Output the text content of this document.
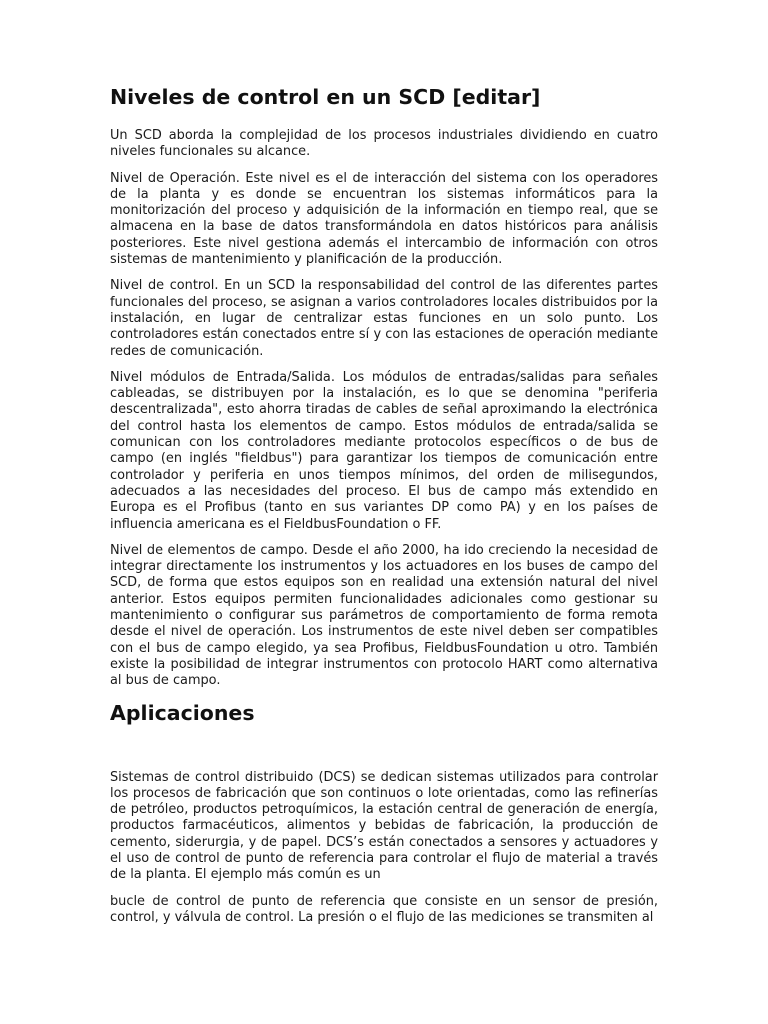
Niveles de control en un SCD [editar]

Un SCD aborda la complejidad de los procesos industriales dividiendo en cuatro niveles funcionales su alcance.

Nivel de Operación. Este nivel es el de interacción del sistema con los operadores de la planta y es donde se encuentran los sistemas informáticos para la monitorización del proceso y adquisición de la información en tiempo real, que se almacena en la base de datos transformándola en datos históricos para análisis posteriores. Este nivel gestiona además el intercambio de información con otros sistemas de mantenimiento y planificación de la producción.

Nivel de control. En un SCD la responsabilidad del control de las diferentes partes funcionales del proceso, se asignan a varios controladores locales distribuidos por la instalación, en lugar de centralizar estas funciones en un solo punto. Los controladores están conectados entre sí y con las estaciones de operación mediante redes de comunicación.

Nivel módulos de Entrada/Salida. Los módulos de entradas/salidas para señales cableadas, se distribuyen por la instalación, es lo que se denomina "periferia descentralizada", esto ahorra tiradas de cables de señal aproximando la electrónica del control hasta los elementos de campo. Estos módulos de entrada/salida se comunican con los controladores mediante protocolos específicos o de bus de campo (en inglés "fieldbus") para garantizar los tiempos de comunicación entre controlador y periferia en unos tiempos mínimos, del orden de milisegundos, adecuados a las necesidades del proceso. El bus de campo más extendido en Europa es el Profibus (tanto en sus variantes DP como PA) y en los países de influencia americana es el FieldbusFoundation o FF.

Nivel de elementos de campo. Desde el año 2000, ha ido creciendo la necesidad de integrar directamente los instrumentos y los actuadores en los buses de campo del SCD, de forma que estos equipos son en realidad una extensión natural del nivel anterior. Estos equipos permiten funcionalidades adicionales como gestionar su mantenimiento o configurar sus parámetros de comportamiento de forma remota desde el nivel de operación. Los instrumentos de este nivel deben ser compatibles con el bus de campo elegido, ya sea Profibus, FieldbusFoundation u otro. También existe la posibilidad de integrar instrumentos con protocolo HART como alternativa al bus de campo.

Aplicaciones

Sistemas de control distribuido (DCS) se dedican sistemas utilizados para controlar los procesos de fabricación que son continuos o lote orientadas, como las refinerías de petróleo, productos petroquímicos, la estación central de generación de energía, productos farmacéuticos, alimentos y bebidas de fabricación, la producción de cemento, siderurgia, y de papel. DCS’s están conectados a sensores y actuadores y el uso de control de punto de referencia para controlar el flujo de material a través de la planta. El ejemplo más común es un

bucle de control de punto de referencia que consiste en un sensor de presión, control, y válvula de control. La presión o el flujo de las mediciones se transmiten al
